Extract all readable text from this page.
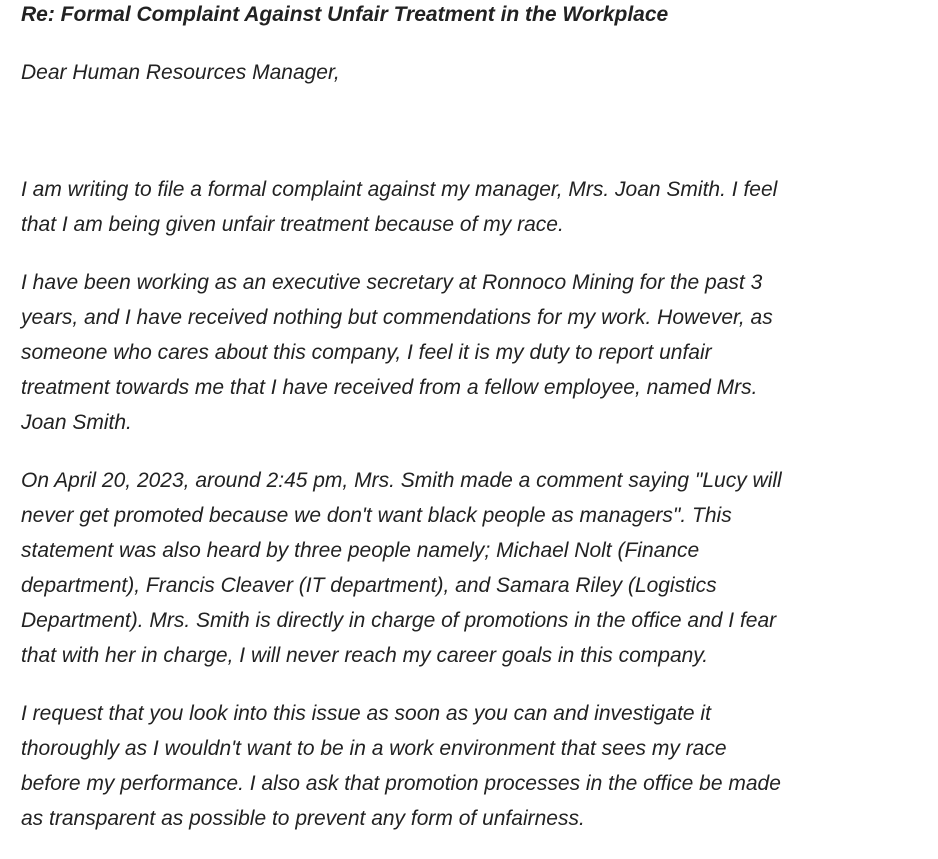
Re: Formal Complaint Against Unfair Treatment in the Workplace

Dear Human Resources Manager,

I am writing to file a formal complaint against my manager, Mrs. Joan Smith. I feel
that I am being given unfair treatment because of my race.

I have been working as an executive secretary at Ronnoco Mining for the past 3
years, and I have received nothing but commendations for my work. However, as
someone who cares about this company, I feel it is my duty to report unfair
treatment towards me that I have received from a fellow employee, named Mrs.
Joan Smith.

On April 20, 2023, around 2:45 pm, Mrs. Smith made a comment saying "Lucy will
never get promoted because we don't want black people as managers". This
statement was also heard by three people namely; Michael Nolt (Finance
department), Francis Cleaver (IT department), and Samara Riley (Logistics
Department). Mrs. Smith is directly in charge of promotions in the office and I fear
that with her in charge, I will never reach my career goals in this company.

I request that you look into this issue as soon as you can and investigate it
thoroughly as I wouldn't want to be in a work environment that sees my race
before my performance. I also ask that promotion processes in the office be made
as transparent as possible to prevent any form of unfairness.
